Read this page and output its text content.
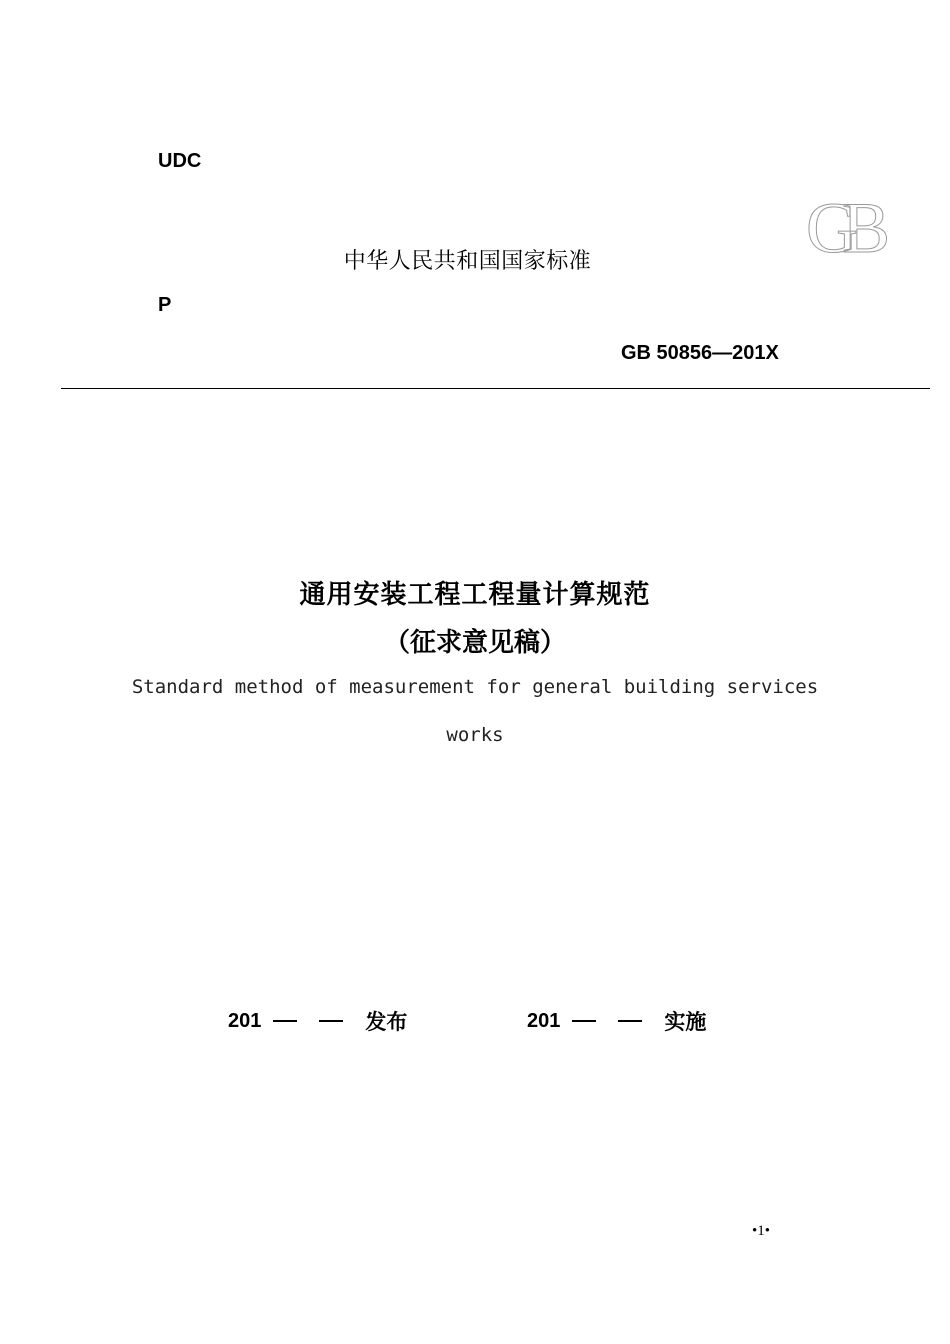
UDC
中华人民共和国国家标准	GB
P
GB 50856—201X
通用安装工程工程量计算规范
（征求意见稿）
Standard method of measurement for general building services
works
201	发布	201	实施
•1•
